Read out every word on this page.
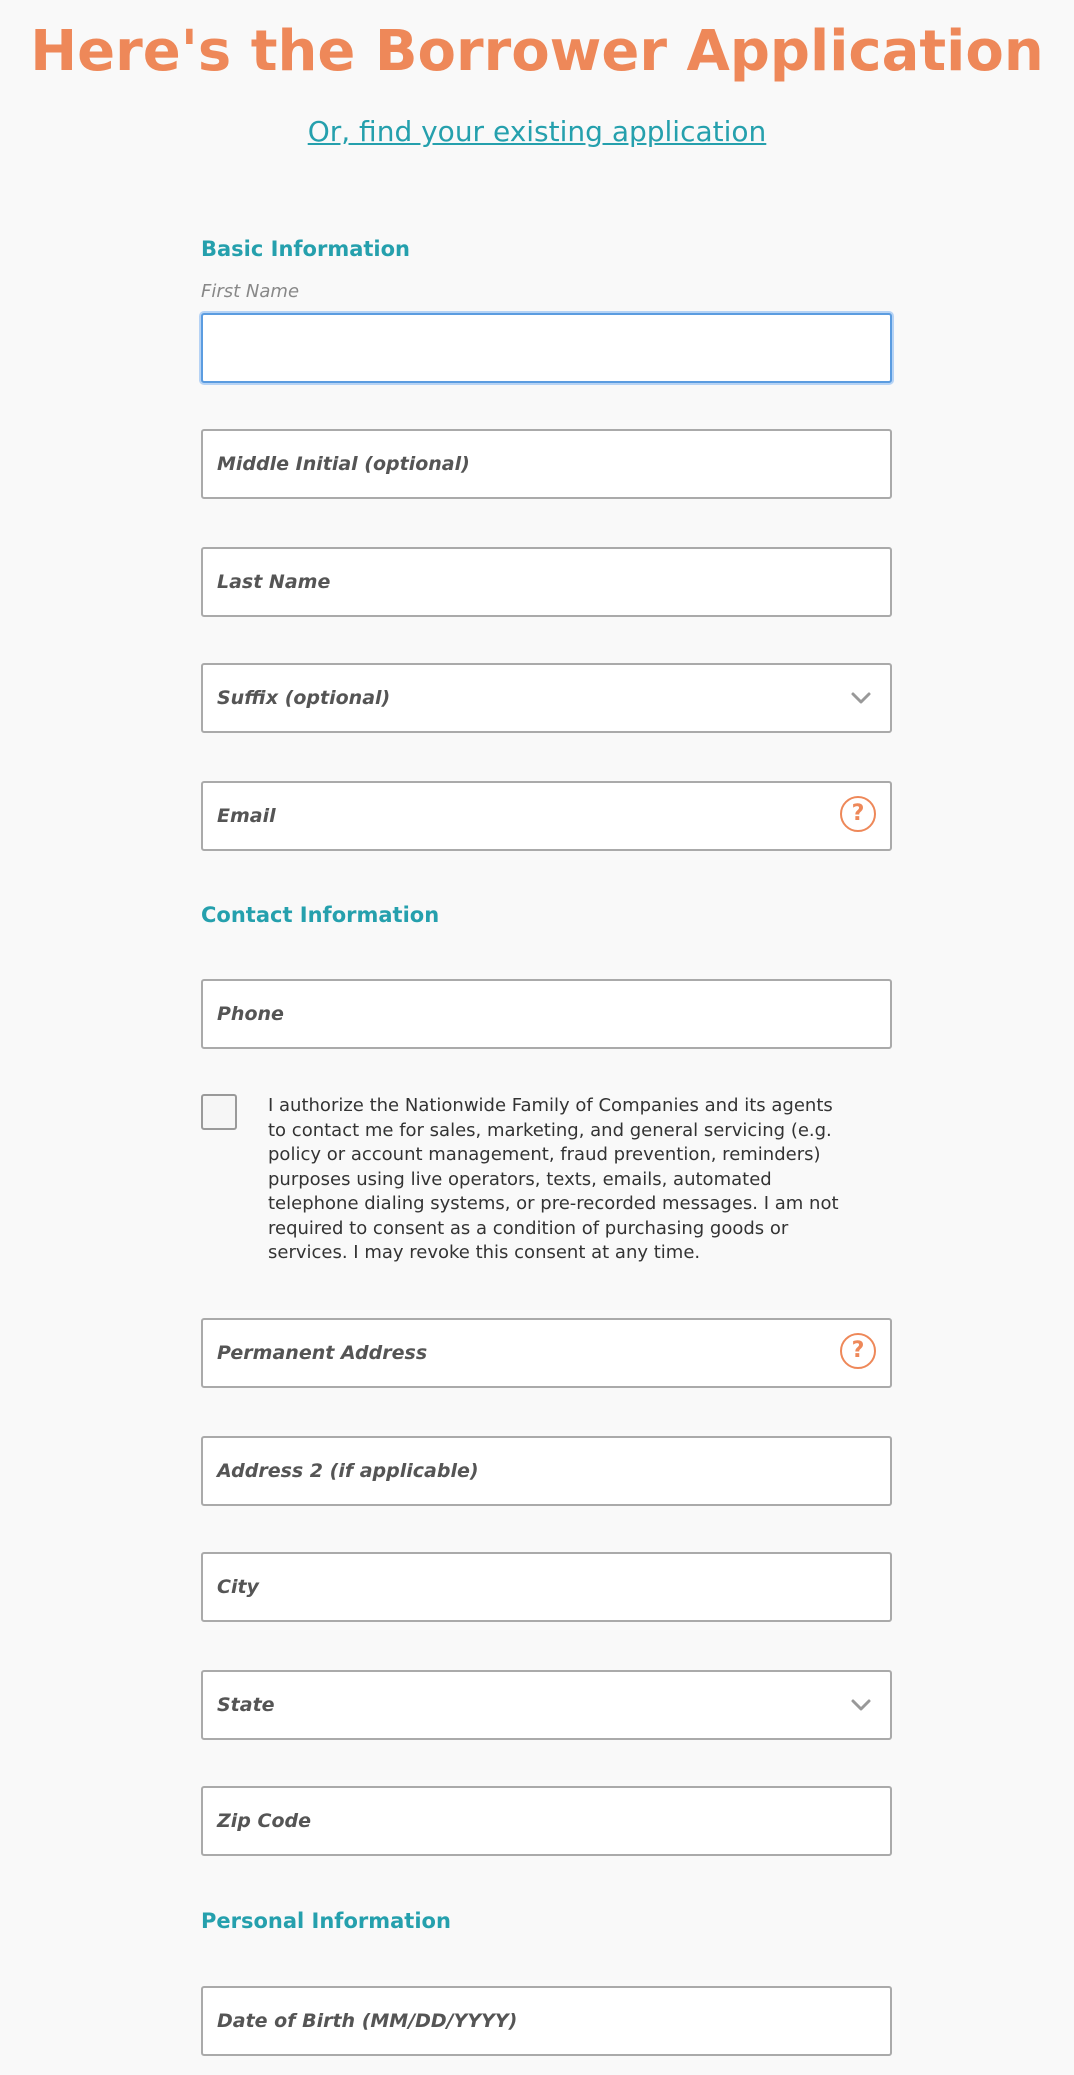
Here's the Borrower Application
Or, find your existing application
Basic Information
First Name
Middle Initial (optional)
Last Name
Suffix (optional)
Email	?
Contact Information
Phone
I authorize the Nationwide Family of Companies and its agents to contact me for sales, marketing, and general servicing (e.g. policy or account management, fraud prevention, reminders) purposes using live operators, texts, emails, automated telephone dialing systems, or pre-recorded messages. I am not required to consent as a condition of purchasing goods or services. I may revoke this consent at any time.
Permanent Address	?
Address 2 (if applicable)
City
State
Zip Code
Personal Information
Date of Birth (MM/DD/YYYY)
